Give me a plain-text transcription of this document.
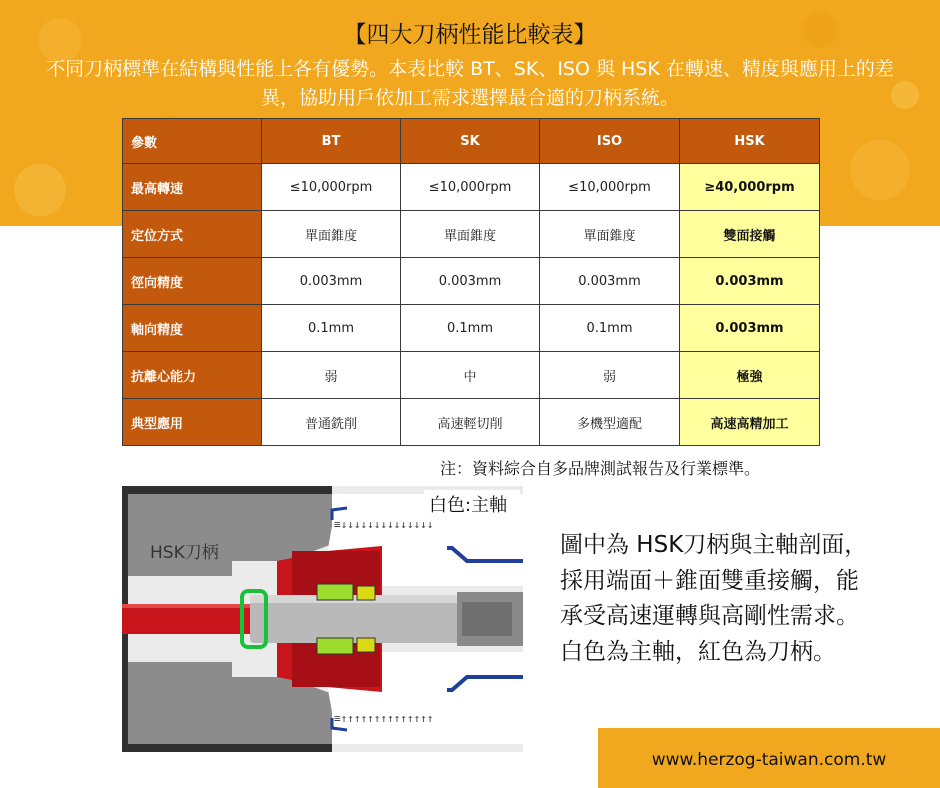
【四大刀柄性能比較表】
不同刀柄標準在結構與性能上各有優勢。本表比較 BT、SK、ISO 與 HSK 在轉速、精度與應用上的差
異，協助用戶依加工需求選擇最合適的刀柄系統。
參數	BT	SK	ISO	HSK
最高轉速	≤10,000rpm	≤10,000rpm	≤10,000rpm	≥40,000rpm
定位方式	單面錐度	單面錐度	單面錐度	雙面接觸
徑向精度	0.003mm	0.003mm	0.003mm	0.003mm
軸向精度	0.1mm	0.1mm	0.1mm	0.003mm
抗離心能力	弱	中	弱	極強
典型應用	普通銑削	高速輕切削	多機型適配	高速高精加工
注：資料綜合自多品牌測試報告及行業標準。
≡↓↓↓↓↓↓↓↓↓↓↓↓↓↓
≡↑↑↑↑↑↑↑↑↑↑↑↑↑↑
白色:主軸
HSK刀柄	圖中為 HSK刀柄與主軸剖面，

採用端面＋錐面雙重接觸，能

承受高速運轉與高剛性需求。

白色為主軸，紅色為刀柄。

www.herzog-taiwan.com.tw
